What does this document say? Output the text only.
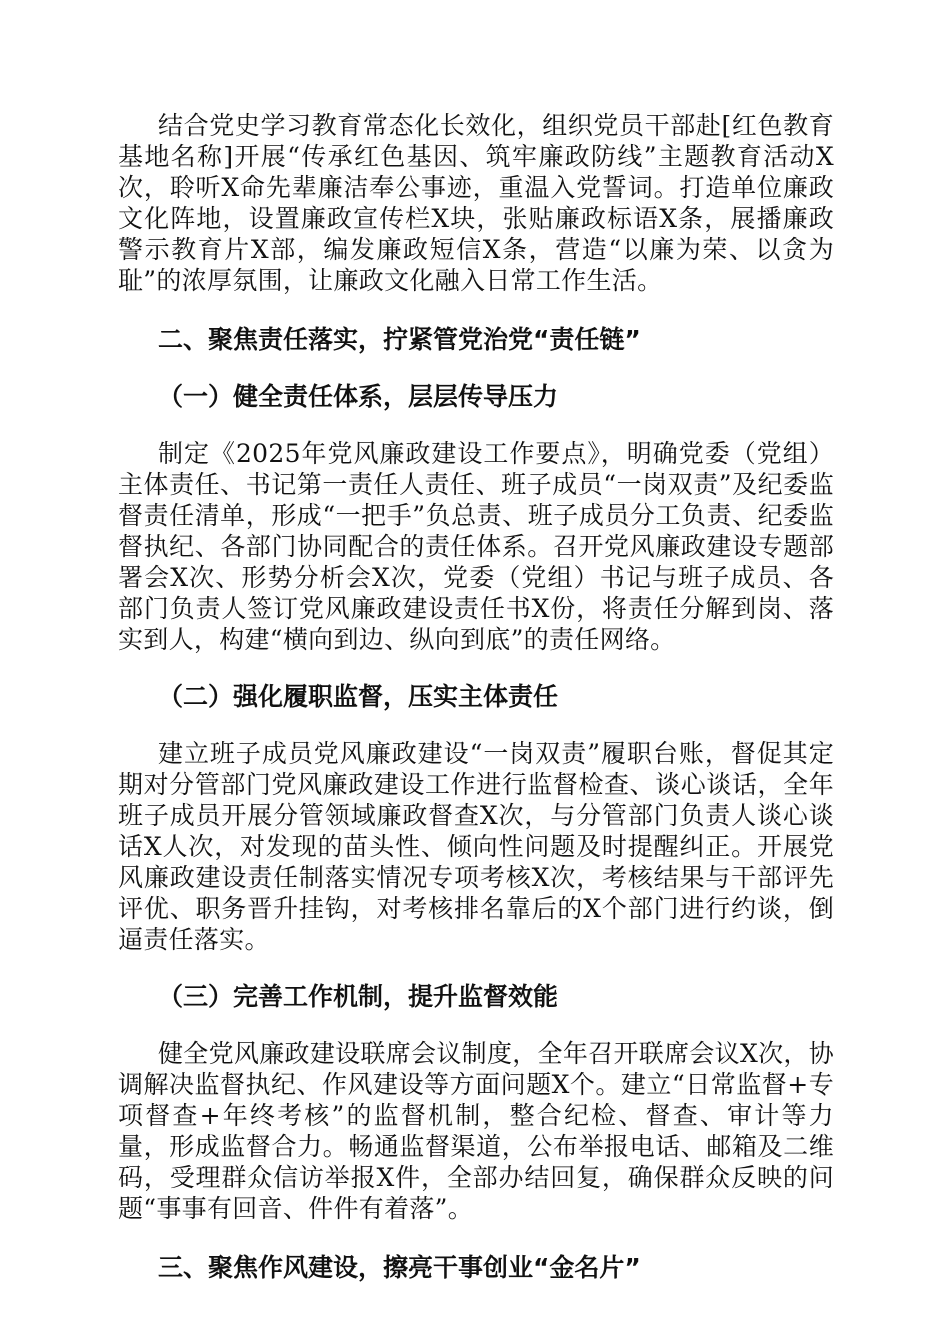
结合党史学习教育常态化长效化，组织党员干部赴[红色教育基地名称]开展“传承红色基因、筑牢廉政防线”主题教育活动X次，聆听X命先辈廉洁奉公事迹，重温入党誓词。打造单位廉政文化阵地，设置廉政宣传栏X块，张贴廉政标语X条，展播廉政警示教育片X部，编发廉政短信X条，营造“以廉为荣、以贪为耻”的浓厚氛围，让廉政文化融入日常工作生活。

二、聚焦责任落实，拧紧管党治党“责任链”
（一）健全责任体系，层层传导压力

制定《2025年党风廉政建设工作要点》，明确党委（党组）主体责任、书记第一责任人责任、班子成员“一岗双责”及纪委监督责任清单，形成“一把手”负总责、班子成员分工负责、纪委监督执纪、各部门协同配合的责任体系。召开党风廉政建设专题部署会X次、形势分析会X次，党委（党组）书记与班子成员、各部门负责人签订党风廉政建设责任书X份，将责任分解到岗、落实到人，构建“横向到边、纵向到底”的责任网络。

（二）强化履职监督，压实主体责任

建立班子成员党风廉政建设“一岗双责”履职台账，督促其定期对分管部门党风廉政建设工作进行监督检查、谈心谈话，全年班子成员开展分管领域廉政督查X次，与分管部门负责人谈心谈话X人次，对发现的苗头性、倾向性问题及时提醒纠正。开展党风廉政建设责任制落实情况专项考核X次，考核结果与干部评先评优、职务晋升挂钩，对考核排名靠后的X个部门进行约谈，倒逼责任落实。

（三）完善工作机制，提升监督效能

健全党风廉政建设联席会议制度，全年召开联席会议X次，协调解决监督执纪、作风建设等方面问题X个。建立“日常监督+专项督查+年终考核”的监督机制，整合纪检、督查、审计等力量，形成监督合力。畅通监督渠道，公布举报电话、邮箱及二维码，受理群众信访举报X件，全部办结回复，确保群众反映的问题“事事有回音、件件有着落”。

三、聚焦作风建设，擦亮干事创业“金名片”
